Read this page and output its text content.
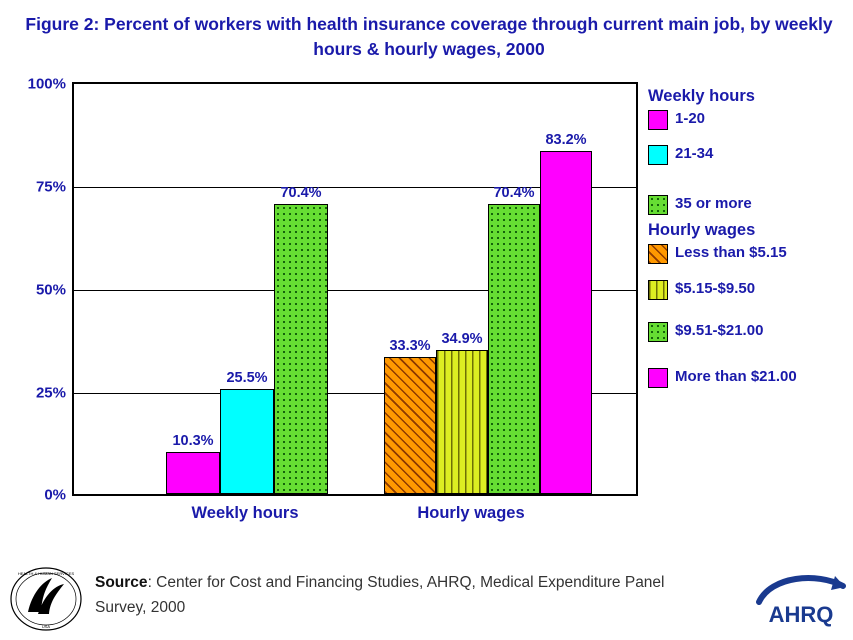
Figure 2: Percent of workers with health insurance coverage through current main job, by weekly hours & hourly wages, 2000
100%
75%
50%
25%
0%
10.3%
25.5%
70.4%
33.3% 34.9%
70.4%
83.2%
Weekly hours	Hourly wages
Weekly hours
1-20
21-34
35 or more
Hourly wages
Less than $5.15
$5.15-$9.50
$9.51-$21.00
More than $21.00
HEALTH & HUMAN SERVICES
USA
Source: Center for Cost and Financing Studies, AHRQ, Medical Expenditure Panel Survey, 2000	AHRQ
